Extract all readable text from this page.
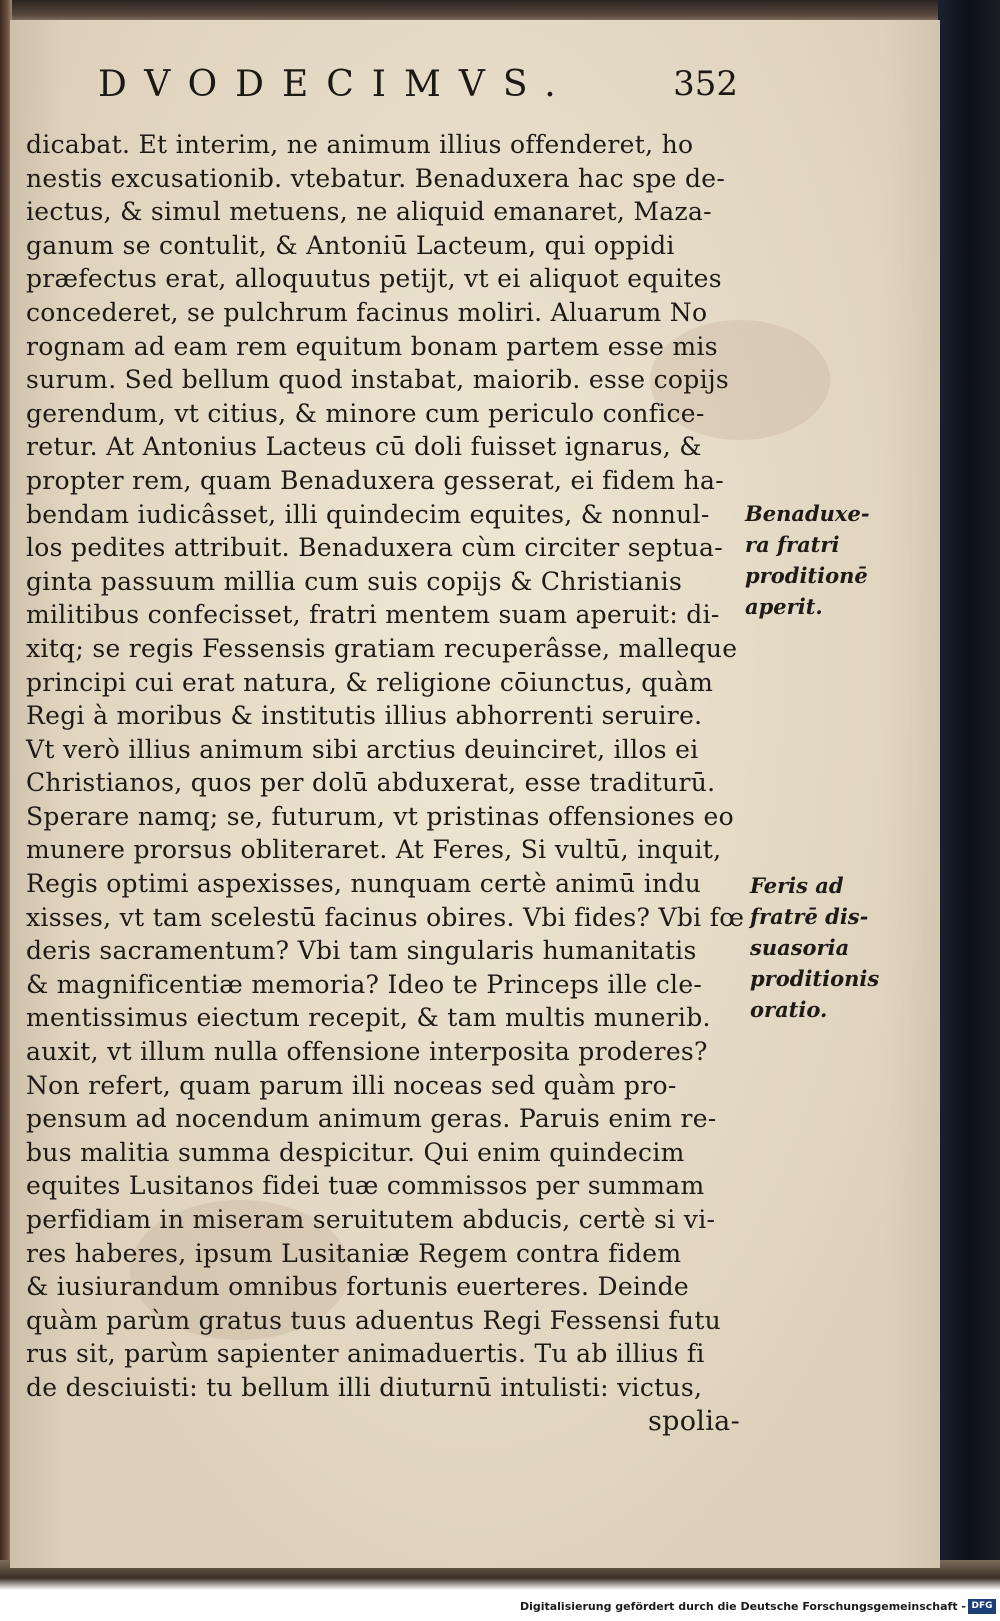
DVODECIMVS.	352
dicabat. Et interim, ne animum illius offenderet, ho
nestis excusationib. vtebatur. Benaduxera hac spe de-
iectus, & simul metuens, ne aliquid emanaret, Maza-
ganum se contulit, & Antoniū Lacteum, qui oppidi
præfectus erat, alloquutus petijt, vt ei aliquot equites
concederet, se pulchrum facinus moliri. Aluarum No
rognam ad eam rem equitum bonam partem esse mis
surum. Sed bellum quod instabat, maiorib. esse copijs
gerendum, vt citius, & minore cum periculo confice-
retur. At Antonius Lacteus cū doli fuisset ignarus, &
propter rem, quam Benaduxera gesserat, ei fidem ha-
bendam iudicâsset, illi quindecim equites, & nonnul-
los pedites attribuit. Benaduxera cùm circiter septua-
ginta passuum millia cum suis copijs & Christianis
militibus confecisset, fratri mentem suam aperuit: di-
xitq; se regis Fessensis gratiam recuperâsse, malleque
principi cui erat natura, & religione cōiunctus, quàm
Regi à moribus & institutis illius abhorrenti seruire.
Vt verò illius animum sibi arctius deuinciret, illos ei
Christianos, quos per dolū abduxerat, esse traditurū.
Sperare namq; se, futurum, vt pristinas offensiones eo
munere prorsus obliteraret. At Feres, Si vultū, inquit,
Regis optimi aspexisses, nunquam certè animū indu
xisses, vt tam scelestū facinus obires. Vbi fides? Vbi fœ
deris sacramentum? Vbi tam singularis humanitatis
& magnificentiæ memoria? Ideo te Princeps ille cle-
mentissimus eiectum recepit, & tam multis munerib.
auxit, vt illum nulla offensione interposita proderes?
Non refert, quam parum illi noceas sed quàm pro-
pensum ad nocendum animum geras. Paruis enim re-
bus malitia summa despicitur. Qui enim quindecim
equites Lusitanos fidei tuæ commissos per summam
perfidiam in miseram seruitutem abducis, certè si vi-
res haberes, ipsum Lusitaniæ Regem contra fidem
& iusiurandum omnibus fortunis euerteres. Deinde
quàm parùm gratus tuus aduentus Regi Fessensi futu
rus sit, parùm sapienter animaduertis. Tu ab illius fi
de desciuisti: tu bellum illi diuturnū intulisti: victus,
spolia-
Benaduxe-
ra fratri
proditionē
aperit.
Feris ad
fratrē dis-
suasoria
proditionis
oratio.
Digitalisierung gefördert durch die Deutsche Forschungsgemeinschaft - DFG
